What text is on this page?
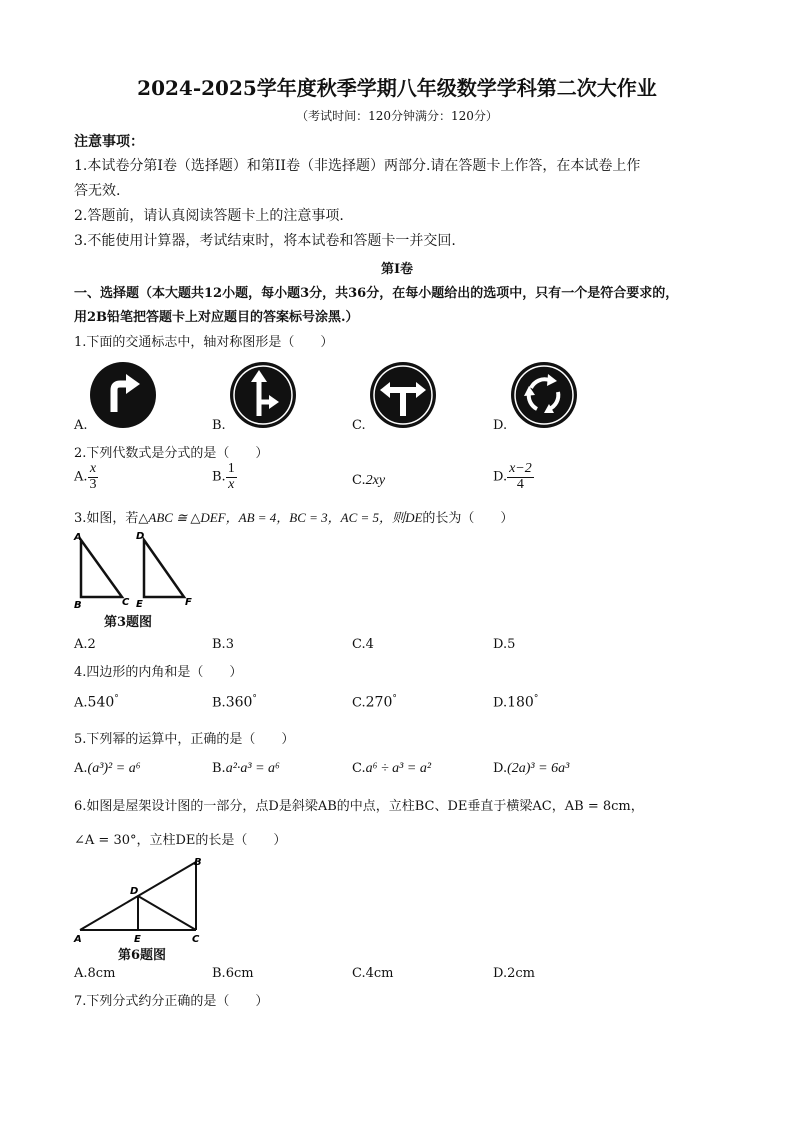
2024-2025学年度秋季学期八年级数学学科第二次大作业
（考试时间：120分钟满分：120分）
注意事项：
1.本试卷分第I卷（选择题）和第II卷（非选择题）两部分.请在答题卡上作答，在本试卷上作
答无效.
2.答题前，请认真阅读答题卡上的注意事项.
3.不能使用计算器，考试结束时，将本试卷和答题卡一并交回.
第I卷
一、选择题（本大题共12小题，每小题3分，共36分，在每小题给出的选项中，只有一个是符合要求的，
用2B铅笔把答题卡上对应题目的答案标号涂黑.）
1.下面的交通标志中，轴对称图形是（　　）
A.	B.	C.	D.
2.下列代数式是分式的是（　　）
A. $\frac{x}{3}$	B. $\frac{1}{x}$	C.2xy	D. $\frac{x-2}{4}$
3.如图，若△ABC ≅ △DEF，AB = 4，BC = 3，AC = 5，则DE的长为（　　）
A
B	C
D
E	F
第3题图
A.2	B.3	C.4	D.5
4.四边形的内角和是（　　）
A.540°	B.360°	C.270°	D.180°
5.下列幂的运算中，正确的是（　　）
A.(a³)² = a⁶	B.a²·a³ = a⁶	C.a⁶ ÷ a³ = a²	D.(2a)³ = 6a³
6.如图是屋架设计图的一部分，点D是斜梁AB的中点，立柱BC、DE垂直于横梁AC，AB = 8cm，
∠A = 30°，立柱DE的长是（　　）
A
B
C
D
E
第6题图
A.8cm	B.6cm	C.4cm	D.2cm
7.下列分式约分正确的是（　　）
